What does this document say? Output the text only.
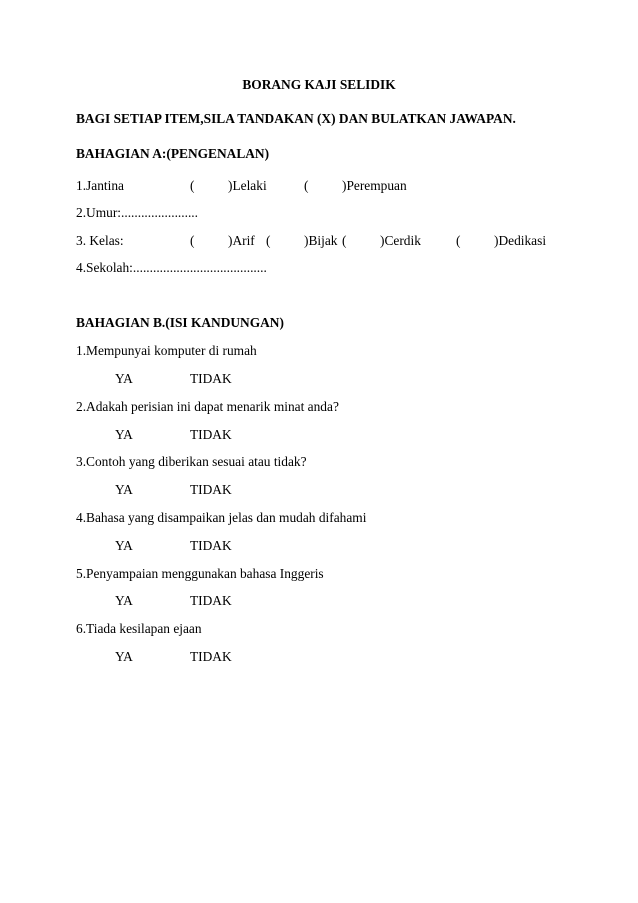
BORANG KAJI SELIDIK
BAGI SETIAP ITEM,SILA TANDAKAN (X) DAN BULATKAN JAWAPAN.
BAHAGIAN A:(PENGENALAN)
1.Jantina	(	)Lelaki	(	)Perempuan
2.Umur:.......................
3. Kelas:	(	)Arif (	)Bijak (	)Cerdik	(	)Dedikasi
4.Sekolah:........................................
BAHAGIAN B.(ISI KANDUNGAN)
1.Mempunyai komputer di rumah
YA	TIDAK
2.Adakah perisian ini dapat menarik minat anda?
YA	TIDAK
3.Contoh yang diberikan sesuai atau tidak?
YA	TIDAK
4.Bahasa yang disampaikan jelas dan mudah difahami
YA	TIDAK
5.Penyampaian menggunakan bahasa Inggeris
YA	TIDAK
6.Tiada kesilapan ejaan
YA	TIDAK
